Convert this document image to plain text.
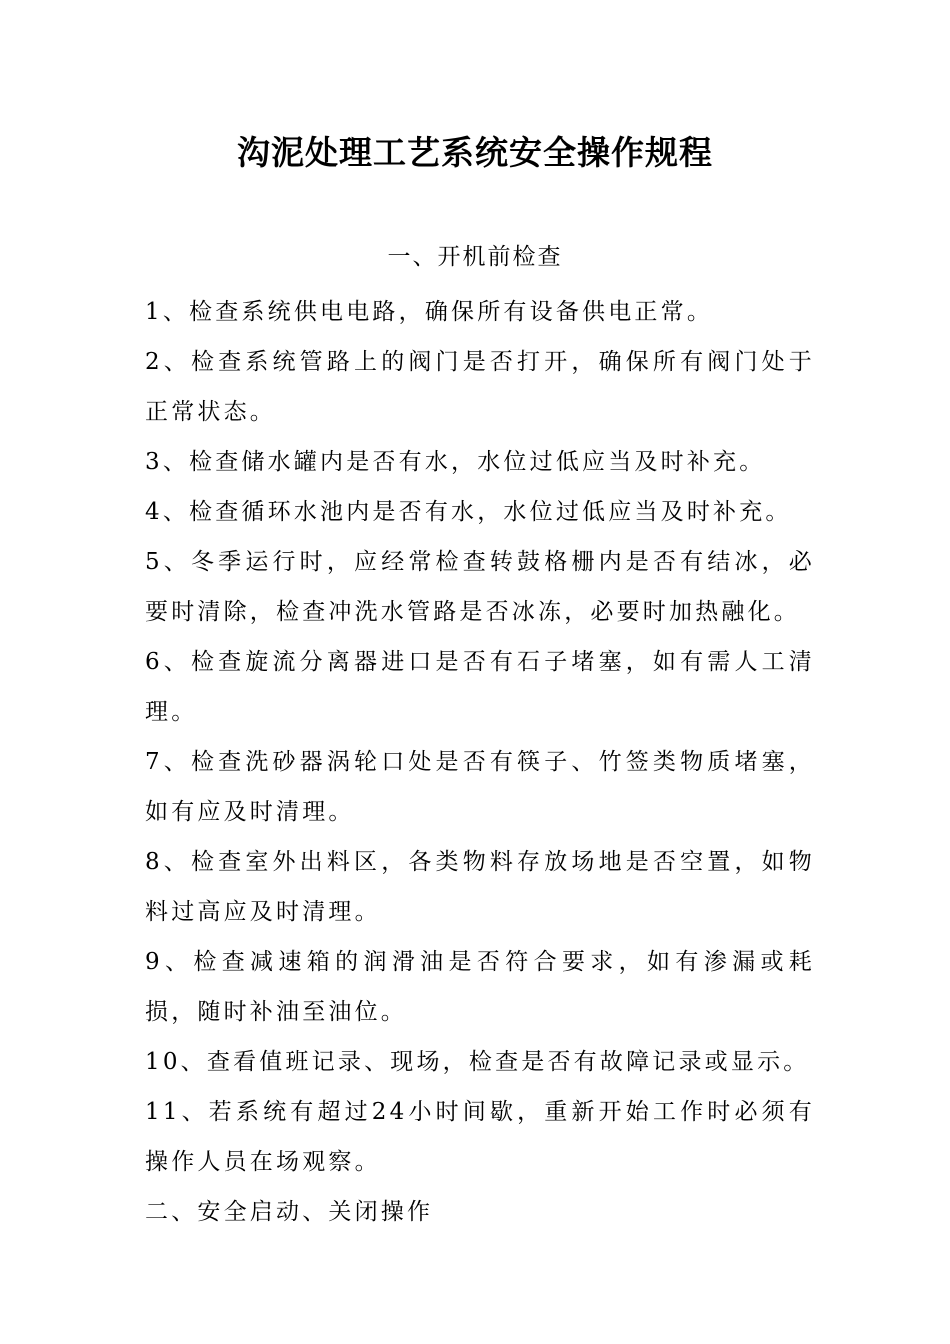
沟泥处理工艺系统安全操作规程
一、开机前检查

1、检查系统供电电路，确保所有设备供电正常。

2、检查系统管路上的阀门是否打开，确保所有阀门处于正常状态。

3、检查储水罐内是否有水，水位过低应当及时补充。

4、检查循环水池内是否有水，水位过低应当及时补充。

5、冬季运行时，应经常检查转鼓格栅内是否有结冰，必要时清除，检查冲洗水管路是否冰冻，必要时加热融化。

6、检查旋流分离器进口是否有石子堵塞，如有需人工清理。

7、检查洗砂器涡轮口处是否有筷子、竹签类物质堵塞，如有应及时清理。

8、检查室外出料区，各类物料存放场地是否空置，如物料过高应及时清理。

9、检查减速箱的润滑油是否符合要求，如有渗漏或耗损，随时补油至油位。

10、查看值班记录、现场，检查是否有故障记录或显示。

11、若系统有超过24小时间歇，重新开始工作时必须有操作人员在场观察。

二、安全启动、关闭操作
